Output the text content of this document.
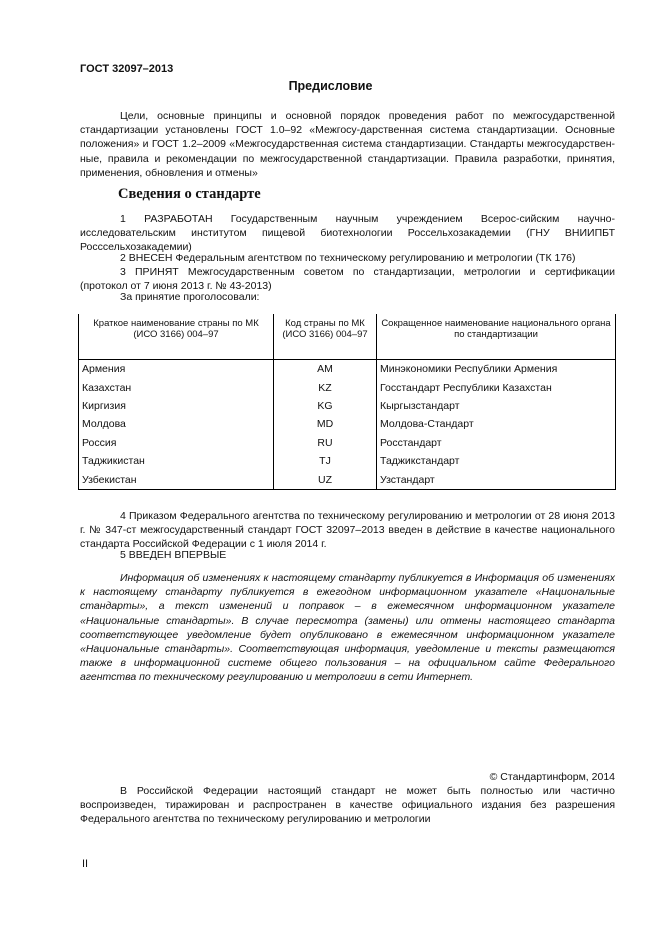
ГОСТ 32097–2013
Предисловие
Цели, основные принципы и основной порядок проведения работ по межгосударственной стандартизации установлены ГОСТ 1.0–92 «Межгосу-дарственная система стандартизации. Основные положения» и ГОСТ 1.2–2009 «Межгосударственная система стандартизации. Стандарты межгосударствен-ные, правила и рекомендации по межгосударственной стандартизации. Правила разработки, принятия, применения, обновления и отмены»
Сведения о стандарте
1 РАЗРАБОТАН Государственным научным учреждением Всерос-сийским научно-исследовательским институтом пищевой биотехнологии Россельхозакадемии (ГНУ ВНИИПБТ Росссельхозакадемии)
2 ВНЕСЕН Федеральным агентством по техническому регулированию и метрологии (ТК 176)
3 ПРИНЯТ Межгосударственным советом по стандартизации, метрологии и сертификации (протокол от 7 июня 2013 г. № 43-2013)
За принятие проголосовали:
Краткое наименование страны по МК (ИСО 3166) 004–97	Код страны по МК (ИСО 3166) 004–97	Сокращенное наименование национального органа по стандартизации
Армения	AM	Минэкономики Республики Армения
Казахстан	KZ	Госстандарт Республики Казахстан
Киргизия	KG	Кыргызстандарт
Молдова	MD	Молдова-Стандарт
Россия	RU	Росстандарт
Таджикистан	TJ	Таджикстандарт
Узбекистан	UZ	Узстандарт
4 Приказом Федерального агентства по техническому регулированию и метрологии от 28 июня 2013 г. № 347-ст межгосударственный стандарт ГОСТ 32097–2013 введен в действие в качестве национального стандарта Российской Федерации с 1 июля 2014 г.
5 ВВЕДЕН ВПЕРВЫЕ
Информация об изменениях к настоящему стандарту публикуется в Информация об изменениях к настоящему стандарту публикуется в ежегодном информационном указателе «Национальные стандарты», а текст изменений и поправок – в ежемесячном информационном указателе «Национальные стандарты». В случае пересмотра (замены) или отмены настоящего стандарта соответствующее уведомление будет опубликовано в ежемесячном информационном указателе «Национальные стандарты». Соответствующая информация, уведомление и тексты размещаются также в информационной системе общего пользования – на официальном сайте Федерального агентства по техническому регулированию и метрологии в сети Интернет.
© Стандартинформ, 2014
В Российской Федерации настоящий стандарт не может быть полностью или частично воспроизведен, тиражирован и распространен в качестве официального издания без разрешения Федерального агентства по техническому регулированию и метрологии
II
